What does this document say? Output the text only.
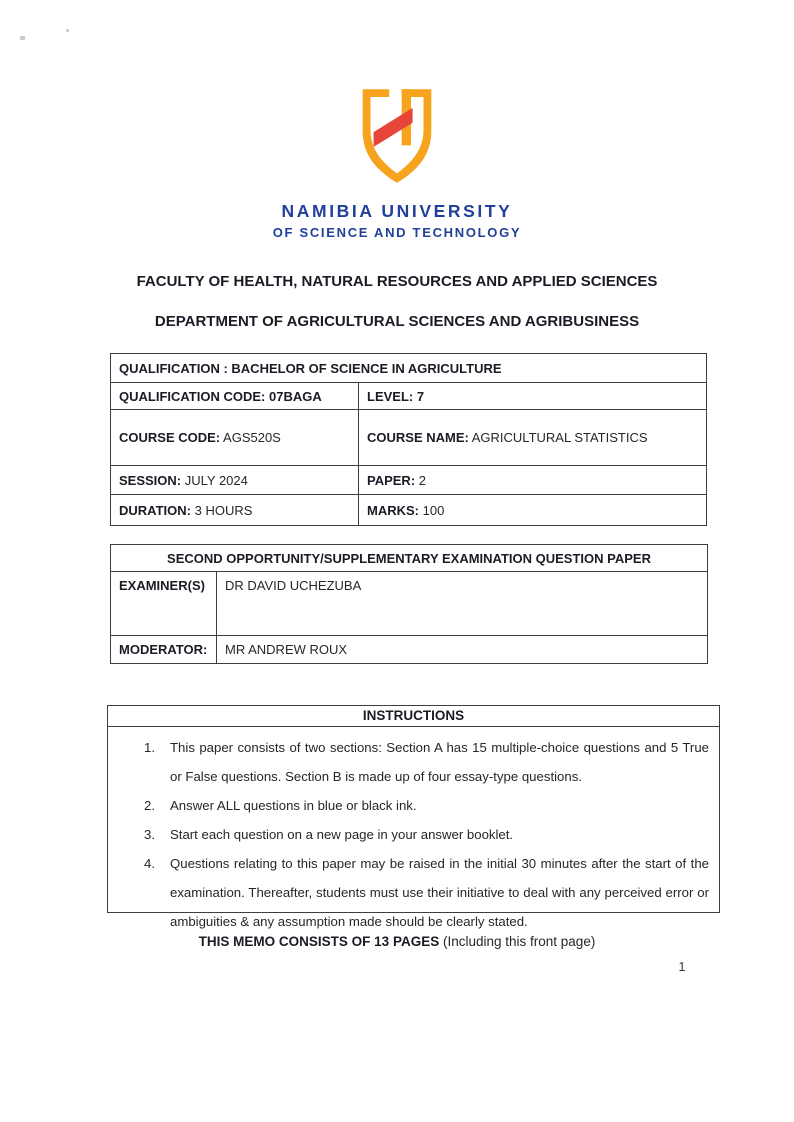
NAMIBIA UNIVERSITY
OF SCIENCE AND TECHNOLOGY
FACULTY OF HEALTH, NATURAL RESOURCES AND APPLIED SCIENCES
DEPARTMENT OF AGRICULTURAL SCIENCES AND AGRIBUSINESS
QUALIFICATION : BACHELOR OF SCIENCE IN AGRICULTURE	
QUALIFICATION CODE: 07BAGA	LEVEL: 7
COURSE CODE: AGS520S	COURSE NAME: AGRICULTURAL STATISTICS
SESSION: JULY 2024	PAPER: 2
DURATION: 3 HOURS	MARKS: 100
SECOND OPPORTUNITY/SUPPLEMENTARY EXAMINATION QUESTION PAPER	
EXAMINER(S)	DR DAVID UCHEZUBA
MODERATOR:	MR ANDREW ROUX
INSTRUCTIONS
1.	This paper consists of two sections: Section A has 15 multiple-choice questions and 5 True or False questions. Section B is made up of four essay-type questions.
2.	Answer ALL questions in blue or black ink.
3.	Start each question on a new page in your answer booklet.
4.	Questions relating to this paper may be raised in the initial 30 minutes after the start of the examination. Thereafter, students must use their initiative to deal with any perceived error or ambiguities & any assumption made should be clearly stated.
THIS MEMO CONSISTS OF 13 PAGES (Including this front page)
1
